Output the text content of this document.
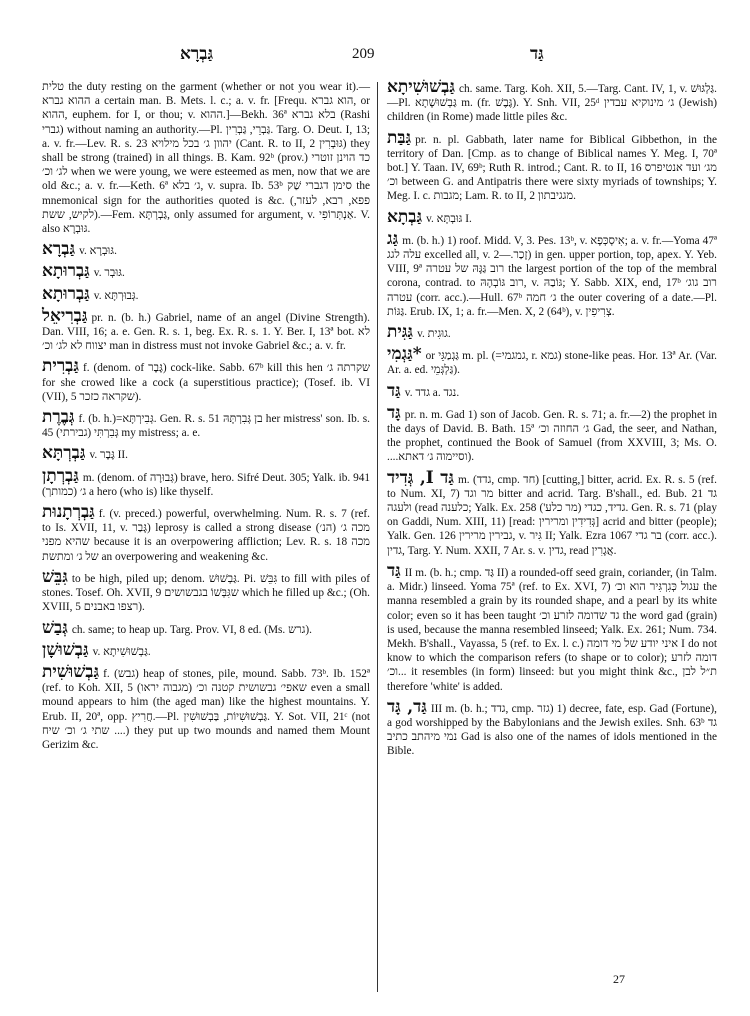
גַּבְרָא	209	גַּד
טלית the duty resting on the garment (whether or not you wear it).—ההוא גברא a certain man. B. Mets. l. c.; a. v. fr. [Frequ. הוא גברא, or ההוא, euphem. for I, or thou; v. ההוא.]—Bekh. 36ª בלא גברא (Rashi גברי) without naming an authority.—Pl. גַּבְרֵי, גַּבְרִין. Targ. O. Deut. I, 13; a. v. fr.—Lev. R. s. 23 יהוון ג׳ בכל מילויא (Cant. R. to II, 2 גּוּבְרִין) they shall be strong (trained) in all things. B. Kam. 92ᵇ (prov.) כד הוינן זוטרי לג׳ וכ׳ when we were young, we were esteemed as men, now that we are old &c.; a. v. fr.—Keth. 6ª ג׳ בלא, v. supra. Ib. 53ᵇ סימן דגברי שַׁק the mnemonical sign for the authorities quoted is &c. (פפא, רבא, לעזר, לקיש, ששת).—Fem. גַּבְרְתָּא, only assumed for argument, v. אַנְתְּרוֹפִי. V. also גּוּבְרָא.
גַּבְרָא v. גּוּבְרָא.
גַּבְרוּתָא v. גּוּבְר.
גַּבְרוּתָא v. גְּבוּרְתָּא.
גַּבְרִיאֵל pr. n. (b. h.) Gabriel, name of an angel (Divine Strength). Dan. VIII, 16; a. e. Gen. R. s. 1, beg. Ex. R. s. 1. Y. Ber. I, 13ª bot. לא יצווח לא לג׳ וכ׳ man in distress must not invoke Gabriel &c.; a. v. fr.
גַּבְרִית f. (denom. of גֶּבֶר) cock-like. Sabb. 67ᵇ kill this hen שקרתה ג׳ for she crowed like a cock (a superstitious practice); (Tosef. ib. VI (VII), 5 שקראה כזכר).
גְּבֶרֶת f. (b. h.)=גְּבִירְתָּא. Gen. R. s. 51 בן גְּבִרְתָּהּ her mistress' son. Ib. s. 45 גְּבִרְתִּי (גבירתי) my mistress; a. e.
גַּבְרְתָּא v. גֶּבֶר II.
גַּבְרְתָן m. (denom. of גְּבוּרָה) brave, hero. Sifré Deut. 305; Yalk. ib. 941 ג׳ (כמותך) a hero (who is) like thyself.
גַּבְרְתָנוּת f. (v. preced.) powerful, overwhelming. Num. R. s. 7 (ref. to Is. XVII, 11, v. גָּבַר) leprosy is called a strong disease מכה ג׳ (הנ׳) שהיא מפני because it is an overpowering affliction; Lev. R. s. 18 מכה של ג׳ ומתשת an overpowering and weakening &c.
גִּבֵּשׁ to be high, piled up; denom. גַּבְשׁוּשׁ. Pi. גִּבֵּשׁ to fill with piles of stones. Tosef. Oh. XVII, 9 שגִּבְּשׁוֹ בגבשושים which he filled up &c.; (Oh. XVIII, 5 רצפו באבנים).
גְּבַשׁ ch. same; to heap up. Targ. Prov. VI, 8 ed. (Ms. גרש).
גַּבְשׁוּשָׁן v. גַּבְשׁוּשִׁיתָא.
גַּבְשׁוּשִׁית f. (גבש) heap of stones, pile, mound. Sabb. 73ᵇ. Ib. 152ª (ref. to Koh. XII, 5 (מגבוה יראו) שאפי׳ גבשושית קטנה וכ׳ even a small mound appears to him (the aged man) like the highest mountains. Y. Erub. II, 20ª, opp. חֲרִיץ.—Pl. גַּבְשׁוּשִׁיוֹת, בַּבְשׁוּשִׁין. Y. Sot. VII, 21ᶜ (not שתי ג׳ וכ׳ שיח ....) they put up two mounds and named them Mount Gerizim &c.
גַּבְשׁוּשִׁיתָא ch. same. Targ. Koh. XII, 5.—Targ. Cant. IV, 1, v. גַּלְגּוּשׁ.—Pl. גַּבְשׁוּשָׁתָא m. (fr. גֶּבֶשׁ). Y. Snh. VII, 25ᵈ ג׳ מינוקיא עבדין (Jewish) children (in Rome) made little piles &c.
גַּבַּת pr. n. pl. Gabbath, later name for Biblical Gibbethon, in the territory of Dan. [Cmp. as to change of Biblical names Y. Meg. I, 70ª bot.] Y. Taan. IV, 69ᵇ; Ruth R. introd.; Cant. R. to II, 16 מג׳ ועד אנטיפרס וכ׳ between G. and Antipatris there were sixty myriads of townships; Y. Meg. I. c. מגבות; Lam. R. to II, 2 מגגיבתון.
גַּבְתָא v. גּוּבְתָּא I.
גַּג m. (b. h.) 1) roof. Midd. V, 3. Pes. 13ᵇ, v. אִיסְכְּפָא; a. v. fr.—Yoma 47ª עלה לגג excelled all, v. זָכַר.—2) in gen. upper portion, top, apex. Y. Yeb. VIII, 9ª רוב גַּגָּהּ של עטרה the largest portion of the top of the membral corona, contrad. to רוב גּוֹבְהָהּ, v. גּוֹבַהּ; Y. Sabb. XIX, end, 17ᵇ רוב גוג׳ עטרה (corr. acc.).—Hull. 67ᵇ ג׳ חמה the outer covering of a date.—Pl. גַּגּוֹת. Erub. IX, 1; a. fr.—Men. X, 2 (64ᵇ), v. צְרִיפִין.
גַּגִּית v. גוּגִית.
*גַּגְמִי or גַּגְמַגֵּי m. pl. (=גמגמי, r. גמא) stone-like peas. Hor. 13ª Ar. (Var. Ar. a. ed. גַּלְגְּמֵי).
גַּד v. גדד a. נגד.
גָּד pr. n. m. Gad 1) son of Jacob. Gen. R. s. 71; a. fr.—2) the prophet in the days of David. B. Bath. 15ª ג׳ החוזה וכ׳ Gad, the seer, and Nathan, the prophet, continued the Book of Samuel (from XXVIII, 3; Ms. O. ....וסיימוה ג׳ דאתא).
גַּד I, גְּדִיד m. (גדד, cmp. חד) [cutting,] bitter, acrid. Ex. R. s. 5 (ref. to Num. XI, 7) מר וגד bitter and acrid. Targ. B'shall., ed. Bub. 21 גד ולעגה (read כלענה; Yalk. Ex. 258 גדיד, כגדי (מר כלע'). Gen. R. s. 71 (play on Gaddi, Num. XIII, 11) [read: גְּדִידִין ומרירין] acrid and bitter (people); Yalk. Gen. 126 גבירין מרירין, v. גִּיר II; Yalk. Ezra 1067 בר גדי (corr. acc.). גדין, Targ. Y. Num. XXII, 7 Ar. s. v. גדין, read אֲגָרִין.
גַּד II m. (b. h.; cmp. גַּד II) a rounded-off seed grain, coriander, (in Talm. a. Midr.) linseed. Yoma 75ª (ref. to Ex. XVI, 7) עגול כְּגִרְגִּיר הוא וכ׳ the manna resembled a grain by its rounded shape, and a pearl by its white color; even so it has been taught גד שדומה לזרע וכ׳ the word gad (grain) is used, because the manna resembled linseed; Yalk. Ex. 261; Num. 734. Mekh. B'shall., Vayassa, 5 (ref. to Ex. l. c.) איני יודע של מי דומה I do not know to which the comparison refers (to shape or to color); דומה לזרע וכ׳... it resembles (in form) linseed: but you might think &c., ת״ל לבן therefore 'white' is added.
גַּד, גָּד III m. (b. h.; גדד, cmp. גזר) 1) decree, fate, esp. Gad (Fortune), a god worshipped by the Babylonians and the Jewish exiles. Snh. 63ᵇ גד נמי מיהתב כתיב Gad is also one of the names of idols mentioned in the Bible.
27
